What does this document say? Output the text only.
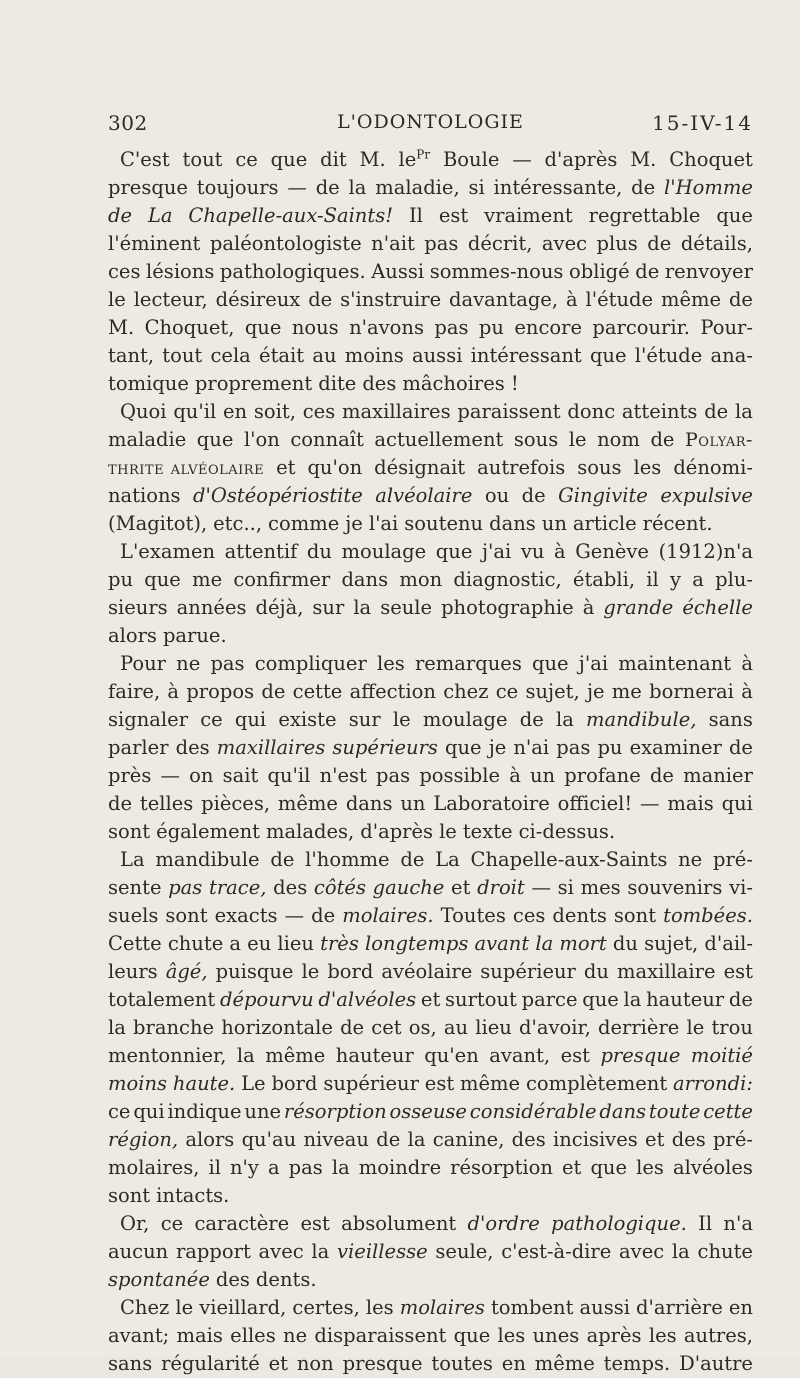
302	L'ODONTOLOGIE	15-IV-14
C'est tout ce que dit M. $le^{Pr}$ Boule — d'après M. Choquet
presque toujours — de la maladie, si intéressante, de l'Homme
de La Chapelle-aux-Saints! Il est vraiment regrettable que
l'éminent paléontologiste n'ait pas décrit, avec plus de détails,
ces lésions pathologiques. Aussi sommes-nous obligé de renvoyer
le lecteur, désireux de s'instruire davantage, à l'étude même de
M. Choquet, que nous n'avons pas pu encore parcourir. Pour-
tant, tout cela était au moins aussi intéressant que l'étude ana-
tomique proprement dite des mâchoires !
Quoi qu'il en soit, ces maxillaires paraissent donc atteints de la
maladie que l'on connaît actuellement sous le nom de Polyar-
thrite alvéolaire et qu'on désignait autrefois sous les dénomi-
nations d'Ostéopériostite alvéolaire ou de Gingivite expulsive
(Magitot), etc.., comme je l'ai soutenu dans un article récent.
L'examen attentif du moulage que j'ai vu à Genève (1912)n'a
pu que me confirmer dans mon diagnostic, établi, il y a plu-
sieurs années déjà, sur la seule photographie à grande échelle
alors parue.
Pour ne pas compliquer les remarques que j'ai maintenant à
faire, à propos de cette affection chez ce sujet, je me bornerai à
signaler ce qui existe sur le moulage de la mandibule, sans
parler des maxillaires supérieurs que je n'ai pas pu examiner de
près — on sait qu'il n'est pas possible à un profane de manier
de telles pièces, même dans un Laboratoire officiel! — mais qui
sont également malades, d'après le texte ci-dessus.
La mandibule de l'homme de La Chapelle-aux-Saints ne pré-
sente pas trace, des côtés gauche et droit — si mes souvenirs vi-
suels sont exacts — de molaires. Toutes ces dents sont tombées.
Cette chute a eu lieu très longtemps avant la mort du sujet, d'ail-
leurs âgé, puisque le bord avéolaire supérieur du maxillaire est
totalement dépourvu d'alvéoles et surtout parce que la hauteur de
la branche horizontale de cet os, au lieu d'avoir, derrière le trou
mentonnier, la même hauteur qu'en avant, est presque moitié
moins haute. Le bord supérieur est même complètement arrondi:
ce qui indique une résorption osseuse considérable dans toute cette
région, alors qu'au niveau de la canine, des incisives et des pré-
molaires, il n'y a pas la moindre résorption et que les alvéoles
sont intacts.
Or, ce caractère est absolument d'ordre pathologique. Il n'a
aucun rapport avec la vieillesse seule, c'est-à-dire avec la chute
spontanée des dents.
Chez le vieillard, certes, les molaires tombent aussi d'arrière en
avant; mais elles ne disparaissent que les unes après les autres,
sans régularité et non presque toutes en même temps. D'autre
